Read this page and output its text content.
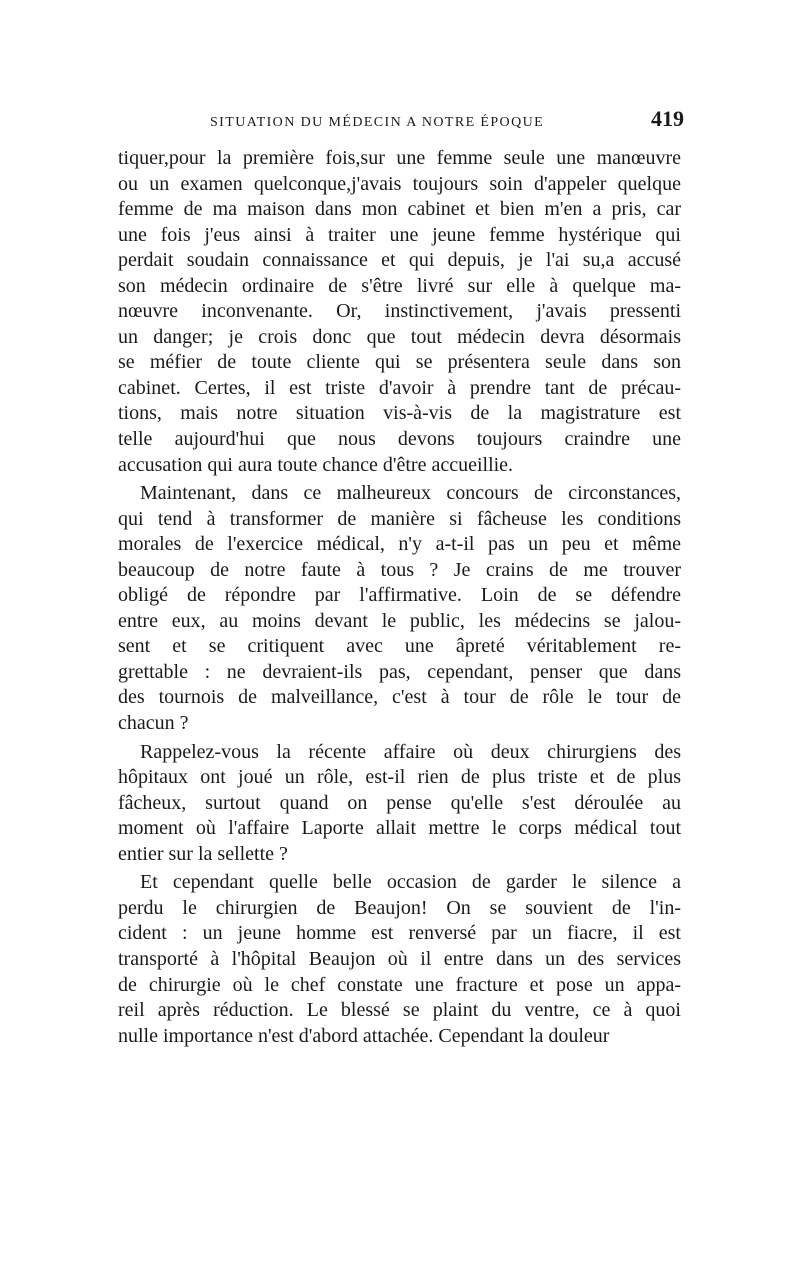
SITUATION DU MÉDECIN A NOTRE ÉPOQUE	419
tiquer,pour la première fois,sur une femme seule une manœuvre
ou un examen quelconque,j'avais toujours soin d'appeler quelque
femme de ma maison dans mon cabinet et bien m'en a pris, car
une fois j'eus ainsi à traiter une jeune femme hystérique qui
perdait soudain connaissance et qui depuis, je l'ai su,a accusé
son médecin ordinaire de s'être livré sur elle à quelque ma-
nœuvre inconvenante. Or, instinctivement, j'avais pressenti
un danger; je crois donc que tout médecin devra désormais
se méfier de toute cliente qui se présentera seule dans son
cabinet. Certes, il est triste d'avoir à prendre tant de précau-
tions, mais notre situation vis-à-vis de la magistrature est
telle aujourd'hui que nous devons toujours craindre une
accusation qui aura toute chance d'être accueillie.
Maintenant, dans ce malheureux concours de circonstances,
qui tend à transformer de manière si fâcheuse les conditions
morales de l'exercice médical, n'y a-t-il pas un peu et même
beaucoup de notre faute à tous ? Je crains de me trouver
obligé de répondre par l'affirmative. Loin de se défendre
entre eux, au moins devant le public, les médecins se jalou-
sent et se critiquent avec une âpreté véritablement re-
grettable : ne devraient-ils pas, cependant, penser que dans
des tournois de malveillance, c'est à tour de rôle le tour de
chacun ?
Rappelez-vous la récente affaire où deux chirurgiens des
hôpitaux ont joué un rôle, est-il rien de plus triste et de plus
fâcheux, surtout quand on pense qu'elle s'est déroulée au
moment où l'affaire Laporte allait mettre le corps médical tout
entier sur la sellette ?
Et cependant quelle belle occasion de garder le silence a
perdu le chirurgien de Beaujon! On se souvient de l'in-
cident : un jeune homme est renversé par un fiacre, il est
transporté à l'hôpital Beaujon où il entre dans un des services
de chirurgie où le chef constate une fracture et pose un appa-
reil après réduction. Le blessé se plaint du ventre, ce à quoi
nulle importance n'est d'abord attachée. Cependant la douleur
